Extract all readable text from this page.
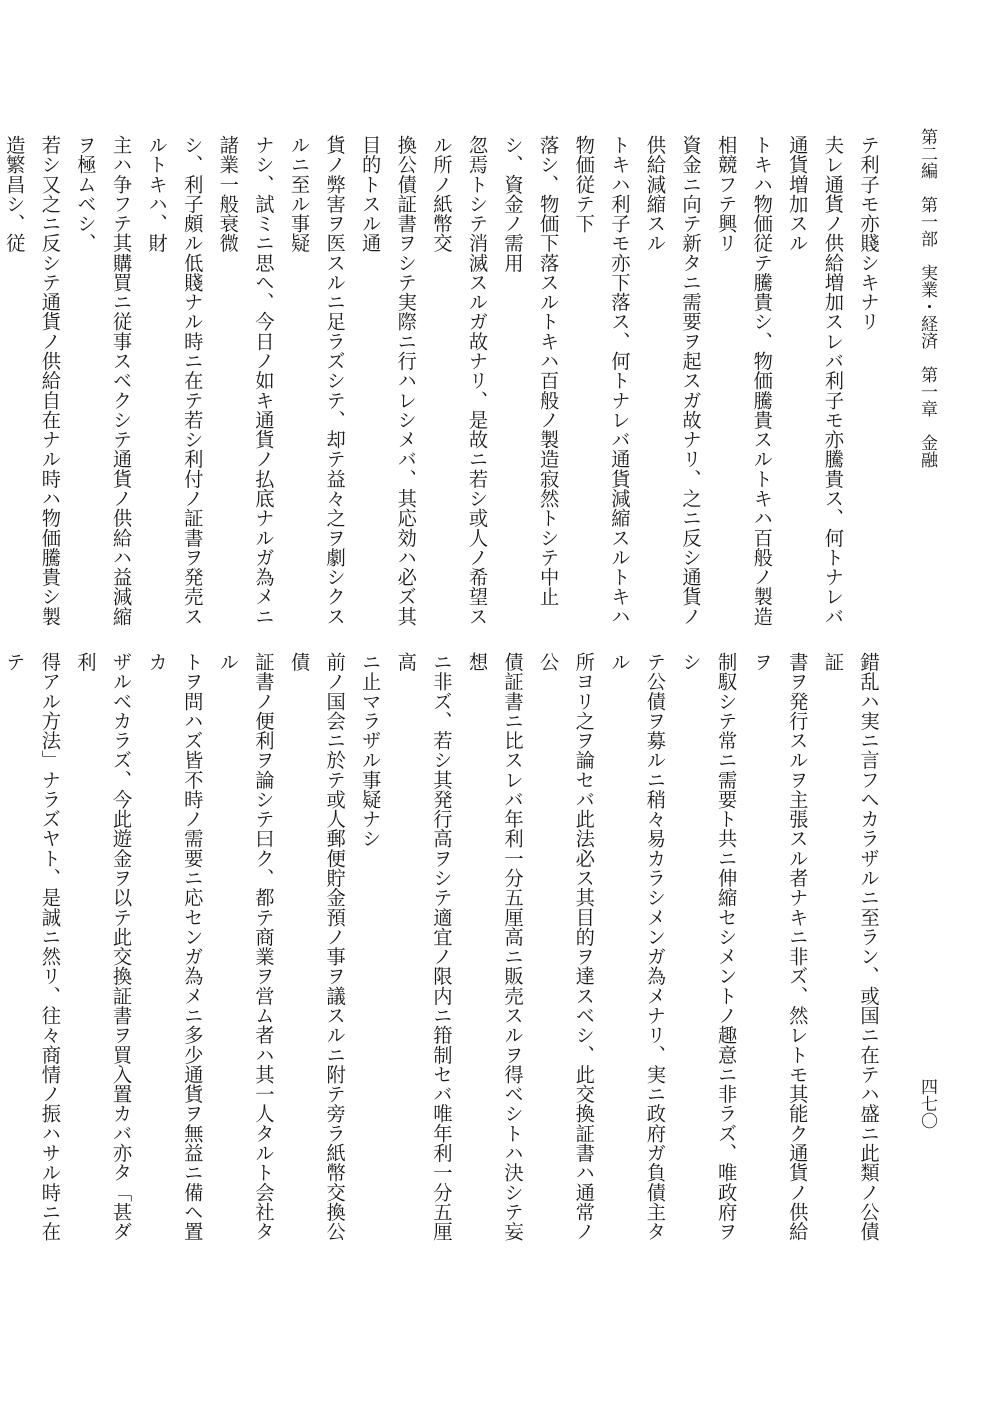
第二編　第一部　実業・経済　第一章　金融
四七〇

テ利子モ亦賤シキナリ

夫レ通貨ノ供給増加スレバ利子モ亦騰貴ス、何トナレバ通貨増加スル

トキハ物価従テ騰貴シ、物価騰貴スルトキハ百般ノ製造相競フテ興リ

資金ニ向テ新タニ需要ヲ起スガ故ナリ、之ニ反シ通貨ノ供給減縮スル

トキハ利子モ亦下落ス、何トナレバ通貨減縮スルトキハ物価従テ下

落シ、物価下落スルトキハ百般ノ製造寂然トシテ中止シ、資金ノ需用

忽焉トシテ消滅スルガ故ナリ、是故ニ若シ或人ノ希望スル所ノ紙幣交

換公債証書ヲシテ実際ニ行ハレシメバ、其応効ハ必ズ其目的トスル通

貨ノ弊害ヲ医スルニ足ラズシテ、却テ益々之ヲ劇シクスルニ至ル事疑

ナシ、試ミニ思ヘ、今日ノ如キ通貨ノ払底ナルガ為メニ諸業一般衰微

シ、利子頗ル低賤ナル時ニ在テ若シ利付ノ証書ヲ発売スルトキハ、財

主ハ争フテ其購買ニ従事スベクシテ通貨ノ供給ハ益減縮ヲ極ムベシ、

若シ又之ニ反シテ通貨ノ供給自在ナル時ハ物価騰貴シ製造繁昌シ、従

錯乱ハ実ニ言フヘカラザルニ至ラン、或国ニ在テハ盛ニ此類ノ公債証

書ヲ発行スルヲ主張スル者ナキニ非ズ、然レトモ其能ク通貨ノ供給ヲ

制馭シテ常ニ需要ト共ニ伸縮セシメントノ趣意ニ非ラズ、唯政府ヲシ

テ公債ヲ募ルニ稍々易カラシメンガ為メナリ、実ニ政府ガ負債主タル

所ヨリ之ヲ論セバ此法必ス其目的ヲ達スベシ、此交換証書ハ通常ノ公

債証書ニ比スレバ年利一分五厘高ニ販売スルヲ得ベシトハ決シテ妄想

ニ非ズ、若シ其発行高ヲシテ適宜ノ限内ニ箝制セバ唯年利一分五厘高

ニ止マラザル事疑ナシ

前ノ国会ニ於テ或人郵便貯金預ノ事ヲ議スルニ附テ旁ラ紙幣交換公債

証書ノ便利ヲ論シテ曰ク、都テ商業ヲ営ム者ハ其一人タルト会社タル

トヲ問ハズ皆不時ノ需要ニ応センガ為メニ多少通貨ヲ無益ニ備ヘ置カ

ザルベカラズ、今此遊金ヲ以テ此交換証書ヲ買入置カバ亦タ「甚ダ利

得アル方法」ナラズヤト、是誠ニ然リ、往々商情ノ振ハサル時ニ在テ
